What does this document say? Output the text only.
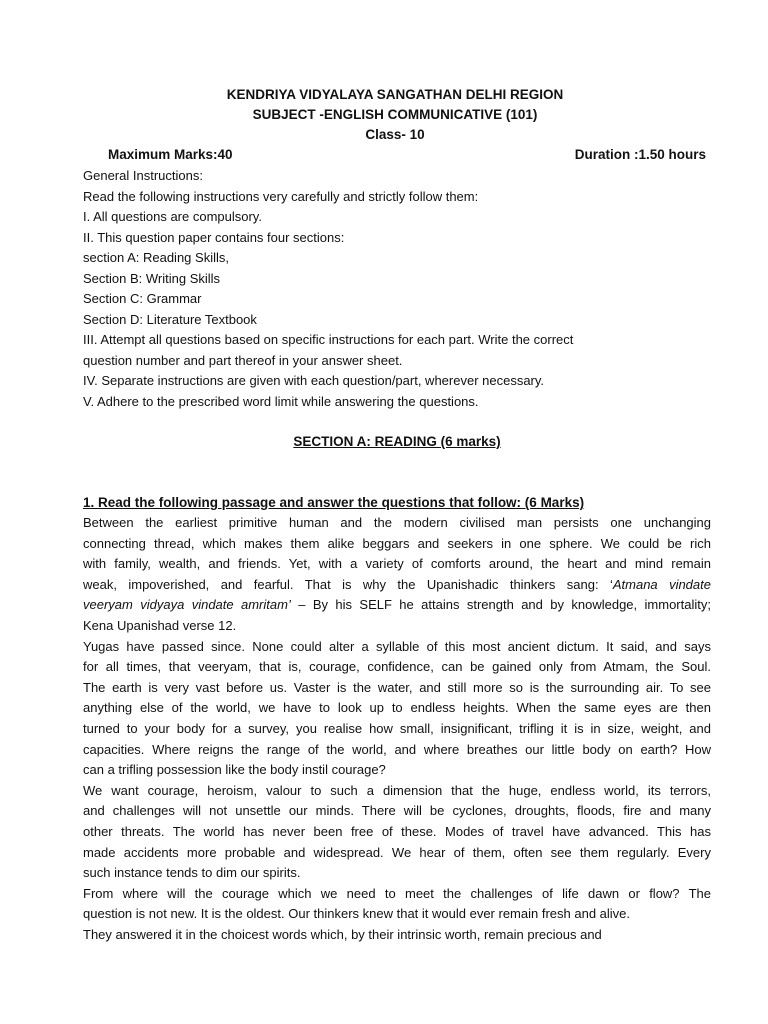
KENDRIYA VIDYALAYA SANGATHAN DELHI REGION
SUBJECT -ENGLISH COMMUNICATIVE (101)
Class- 10
Maximum Marks:40	Duration :1.50 hours
General Instructions:
Read the following instructions very carefully and strictly follow them:
I. All questions are compulsory.
II. This question paper contains four sections:
section A: Reading Skills,
Section B: Writing Skills
Section C: Grammar
Section D: Literature Textbook
III. Attempt all questions based on specific instructions for each part. Write the correct
question number and part thereof in your answer sheet.
IV. Separate instructions are given with each question/part, wherever necessary.
V. Adhere to the prescribed word limit while answering the questions.
SECTION A: READING (6 marks)
1. Read the following passage and answer the questions that follow: (6 Marks)
Between the earliest primitive human and the modern civilised man persists one unchanging
connecting thread, which makes them alike beggars and seekers in one sphere. We could be rich
with family, wealth, and friends. Yet, with a variety of comforts around, the heart and mind remain
weak, impoverished, and fearful. That is why the Upanishadic thinkers sang: ‘Atmana vindate
veeryam vidyaya vindate amritam’ – By his SELF he attains strength and by knowledge, immortality;
Kena Upanishad verse 12.
Yugas have passed since. None could alter a syllable of this most ancient dictum. It said, and says
for all times, that veeryam, that is, courage, confidence, can be gained only from Atmam, the Soul.
The earth is very vast before us. Vaster is the water, and still more so is the surrounding air. To see
anything else of the world, we have to look up to endless heights. When the same eyes are then
turned to your body for a survey, you realise how small, insignificant, trifling it is in size, weight, and
capacities. Where reigns the range of the world, and where breathes our little body on earth? How
can a trifling possession like the body instil courage?
We want courage, heroism, valour to such a dimension that the huge, endless world, its terrors,
and challenges will not unsettle our minds. There will be cyclones, droughts, floods, fire and many
other threats. The world has never been free of these. Modes of travel have advanced. This has
made accidents more probable and widespread. We hear of them, often see them regularly. Every
such instance tends to dim our spirits.
From where will the courage which we need to meet the challenges of life dawn or flow? The
question is not new. It is the oldest. Our thinkers knew that it would ever remain fresh and alive.
They answered it in the choicest words which, by their intrinsic worth, remain precious and
